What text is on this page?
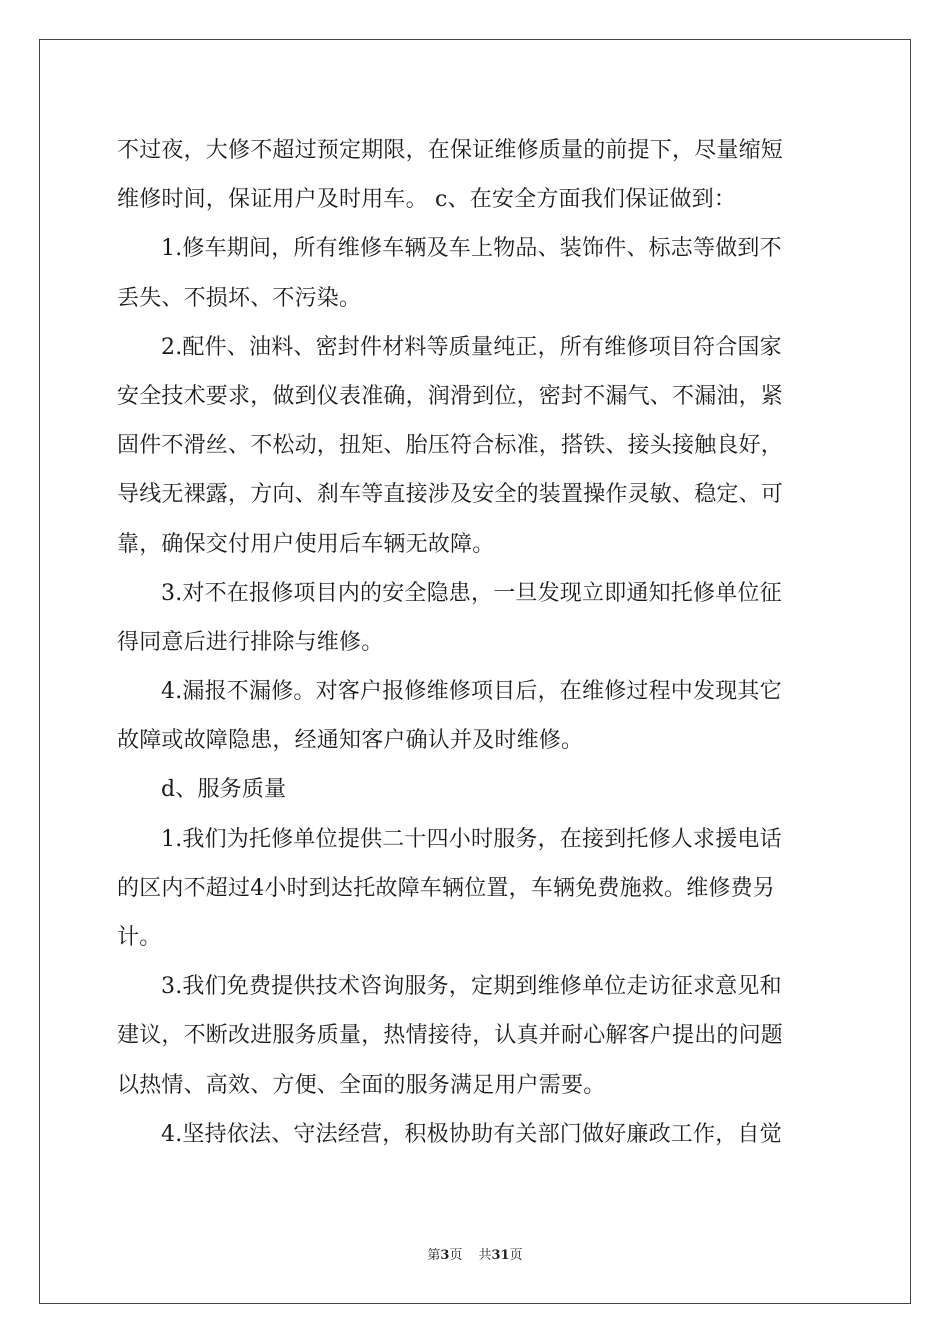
不过夜，大修不超过预定期限，在保证维修质量的前提下，尽量缩短
维修时间，保证用户及时用车。 c、在安全方面我们保证做到：
1.修车期间，所有维修车辆及车上物品、装饰件、标志等做到不
丢失、不损坏、不污染。
2.配件、油料、密封件材料等质量纯正，所有维修项目符合国家
安全技术要求，做到仪表准确，润滑到位，密封不漏气、不漏油，紧
固件不滑丝、不松动，扭矩、胎压符合标准，搭铁、接头接触良好，
导线无裸露，方向、刹车等直接涉及安全的装置操作灵敏、稳定、可
靠，确保交付用户使用后车辆无故障。
3.对不在报修项目内的安全隐患，一旦发现立即通知托修单位征
得同意后进行排除与维修。
4.漏报不漏修。对客户报修维修项目后，在维修过程中发现其它
故障或故障隐患，经通知客户确认并及时维修。
d、服务质量
1.我们为托修单位提供二十四小时服务，在接到托修人求援电话
的区内不超过4小时到达托故障车辆位置，车辆免费施救。维修费另
计。
3.我们免费提供技术咨询服务，定期到维修单位走访征求意见和
建议，不断改进服务质量，热情接待，认真并耐心解客户提出的问题
以热情、高效、方便、全面的服务满足用户需要。
4.坚持依法、守法经营，积极协助有关部门做好廉政工作，自觉
第3页 共31页
